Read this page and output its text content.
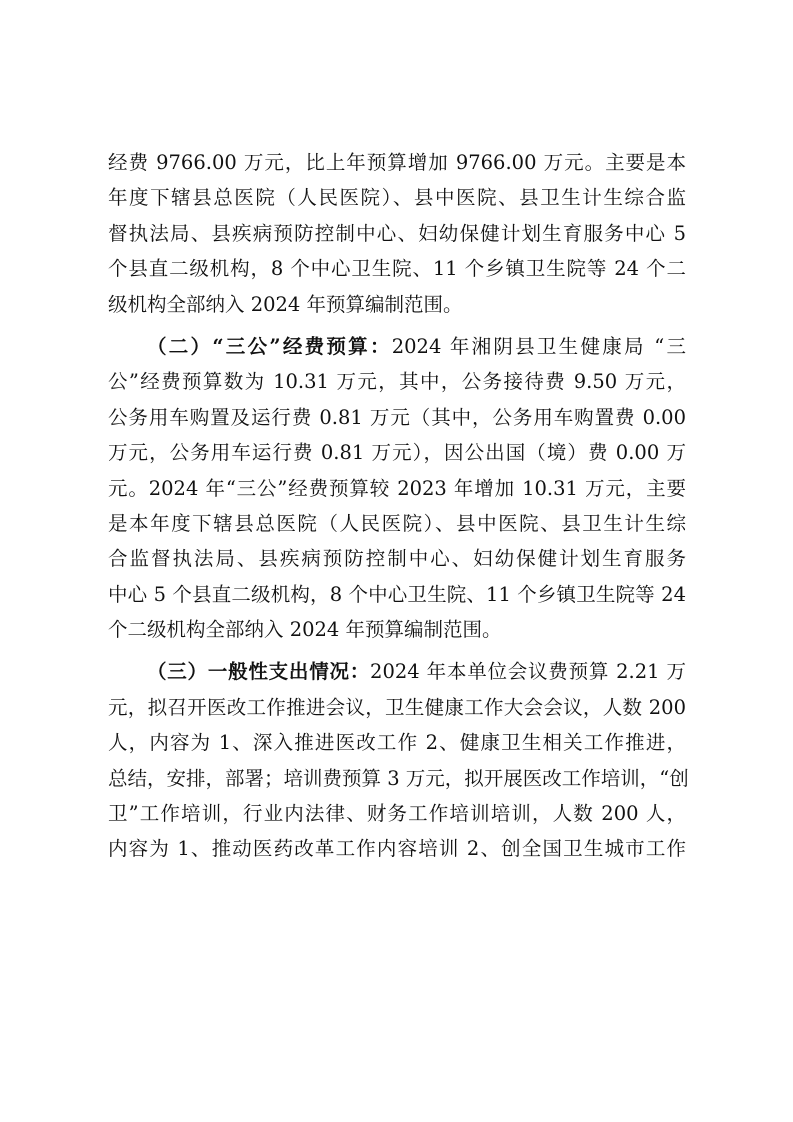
经费 9766.00 万元，比上年预算增加 9766.00 万元。主要是本
年度下辖县总医院（人民医院）、县中医院、县卫生计生综合监
督执法局、县疾病预防控制中心、妇幼保健计划生育服务中心 5
个县直二级机构，8 个中心卫生院、11 个乡镇卫生院等 24 个二
级机构全部纳入 2024 年预算编制范围。
（二）“三公”经费预算：2024 年湘阴县卫生健康局 “三
公”经费预算数为 10.31 万元，其中，公务接待费 9.50 万元，
公务用车购置及运行费 0.81 万元（其中，公务用车购置费 0.00
万元，公务用车运行费 0.81 万元），因公出国（境）费 0.00 万
元。2024 年“三公”经费预算较 2023 年增加 10.31 万元，主要
是本年度下辖县总医院（人民医院）、县中医院、县卫生计生综
合监督执法局、县疾病预防控制中心、妇幼保健计划生育服务
中心 5 个县直二级机构，8 个中心卫生院、11 个乡镇卫生院等 24
个二级机构全部纳入 2024 年预算编制范围。
（三）一般性支出情况：2024 年本单位会议费预算 2.21 万
元，拟召开医改工作推进会议，卫生健康工作大会会议，人数 200
人，内容为 1、深入推进医改工作 2、健康卫生相关工作推进，
总结，安排，部署；培训费预算 3 万元，拟开展医改工作培训，“创
卫”工作培训，行业内法律、财务工作培训培训，人数 200 人，
内容为 1、推动医药改革工作内容培训 2、创全国卫生城市工作
